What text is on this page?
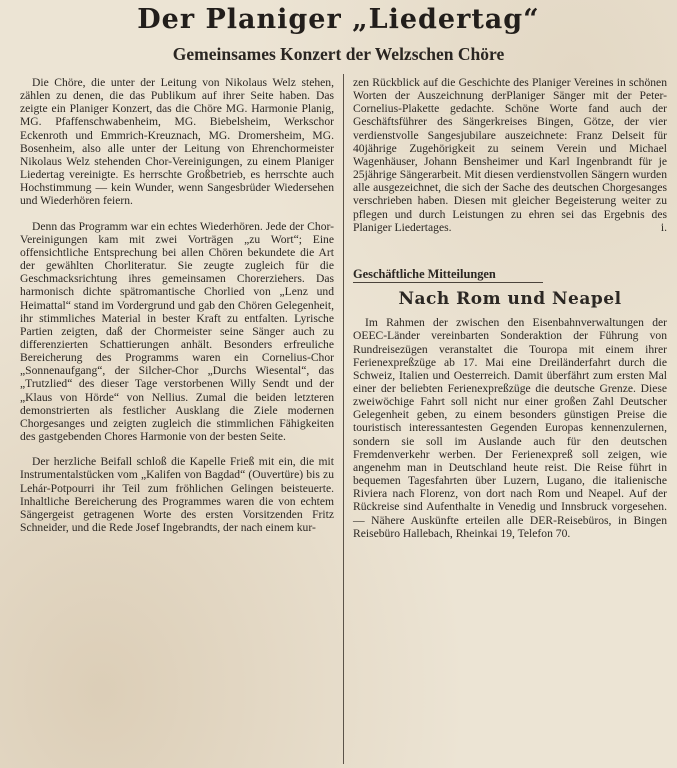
Der Planiger „Liedertag“
Gemeinsames Konzert der Welzschen Chöre

Die Chöre, die unter der Leitung von Nikolaus Welz stehen, zählen zu denen, die das Publikum auf ihrer Seite haben. Das zeigte ein Planiger Konzert, das die Chöre MG. Harmonie Planig, MG. Pfaffenschwabenheim, MG. Biebelsheim, Werkschor Eckenroth und Emmrich-Kreuznach, MG. Dromersheim, MG. Bosenheim, also alle unter der Leitung von Ehrenchormeister Nikolaus Welz stehenden Chor-Vereinigungen, zu einem Planiger Liedertag vereinigte. Es herrschte Großbetrieb, es herrschte auch Hochstimmung — kein Wunder, wenn Sangesbrüder Wiedersehen und Wiederhören feiern.

Denn das Programm war ein echtes Wiederhören. Jede der Chor-Vereinigungen kam mit zwei Vorträgen „zu Wort“; Eine offensichtliche Entsprechung bei allen Chören bekundete die Art der gewählten Chorliteratur. Sie zeugte zugleich für die Geschmacksrichtung ihres gemeinsamen Chorerziehers. Das harmonisch dichte spätromantische Chorlied von „Lenz und Heimattal“ stand im Vordergrund und gab den Chören Gelegenheit, ihr stimmliches Material in bester Kraft zu entfalten. Lyrische Partien zeigten, daß der Chormeister seine Sänger auch zu differenzierten Schattierungen anhält. Besonders erfreuliche Bereicherung des Programms waren ein Cornelius-Chor „Sonnenaufgang“, der Silcher-Chor „Durchs Wiesental“, das „Trutzlied“ des dieser Tage verstorbenen Willy Sendt und der „Klaus von Hörde“ von Nellius. Zumal die beiden letzteren demonstrierten als festlicher Ausklang die Ziele modernen Chorgesanges und zeigten zugleich die stimmlichen Fähigkeiten des gastgebenden Chores Harmonie von der besten Seite.

Der herzliche Beifall schloß die Kapelle Frieß mit ein, die mit Instrumentalstücken vom „Kalifen von Bagdad“ (Ouvertüre) bis zu Lehár-Potpourri ihr Teil zum fröhlichen Gelingen beisteuerte. Inhaltliche Bereicherung des Programmes waren die von echtem Sängergeist getragenen Worte des ersten Vorsitzenden Fritz Schneider, und die Rede Josef Ingebrandts, der nach einem kur-

zen Rückblick auf die Geschichte des Planiger Vereines in schönen Worten der Auszeichnung derPlaniger Sänger mit der Peter-Cornelius-Plakette gedachte. Schöne Worte fand auch der Geschäftsführer des Sängerkreises Bingen, Götze, der vier verdienstvolle Sangesjubilare auszeichnete: Franz Delseit für 40jährige Zugehörigkeit zu seinem Verein und Michael Wagenhäuser, Johann Bensheimer und Karl Ingenbrandt für je 25jährige Sängerarbeit. Mit diesen verdienstvollen Sängern wurden alle ausgezeichnet, die sich der Sache des deutschen Chorgesanges verschrieben haben. Diesen mit gleicher Begeisterung weiter zu pflegen und durch Leistungen zu ehren sei das Ergebnis des Planiger Liedertages.	i.

Geschäftliche Mitteilungen
Nach Rom und Neapel

Im Rahmen der zwischen den Eisenbahnverwaltungen der OEEC-Länder vereinbarten Sonderaktion der Führung von Rundreisezügen veranstaltet die Touropa mit einem ihrer Ferienexpreßzüge ab 17. Mai eine Dreiländerfahrt durch die Schweiz, Italien und Oesterreich. Damit überfährt zum ersten Mal einer der beliebten Ferienexpreßzüge die deutsche Grenze. Diese zweiwöchige Fahrt soll nicht nur einer großen Zahl Deutscher Gelegenheit geben, zu einem besonders günstigen Preise die touristisch interessantesten Gegenden Europas kennenzulernen, sondern sie soll im Auslande auch für den deutschen Fremdenverkehr werben. Der Ferienexpreß soll zeigen, wie angenehm man in Deutschland heute reist. Die Reise führt in bequemen Tagesfahrten über Luzern, Lugano, die italienische Riviera nach Florenz, von dort nach Rom und Neapel. Auf der Rückreise sind Aufenthalte in Venedig und Innsbruck vorgesehen. — Nähere Auskünfte erteilen alle DER-Reisebüros, in Bingen Reisebüro Hallebach, Rheinkai 19, Telefon 70.
